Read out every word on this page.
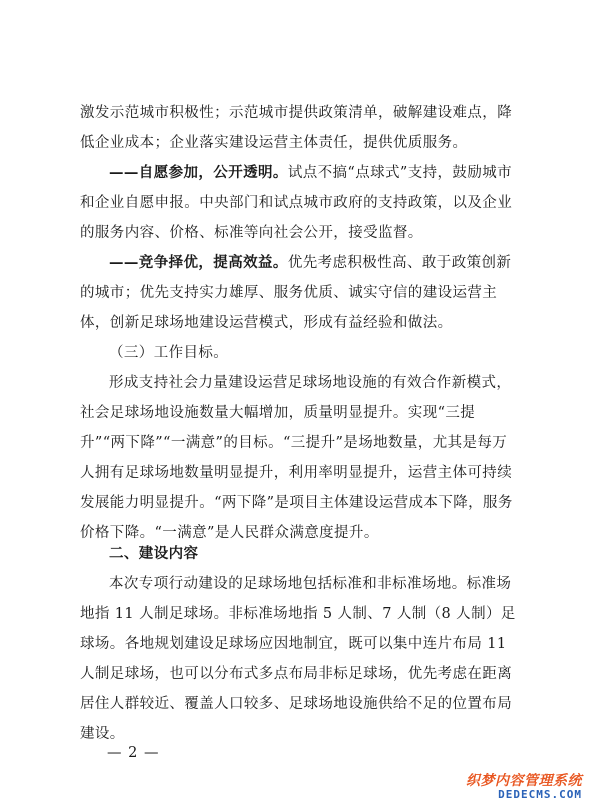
激发示范城市积极性；示范城市提供政策清单，破解建设难点，降低企业成本；企业落实建设运营主体责任，提供优质服务。

——自愿参加，公开透明。试点不搞“点球式”支持，鼓励城市和企业自愿申报。中央部门和试点城市政府的支持政策，以及企业的服务内容、价格、标准等向社会公开，接受监督。

——竞争择优，提高效益。优先考虑积极性高、敢于政策创新的城市；优先支持实力雄厚、服务优质、诚实守信的建设运营主体，创新足球场地建设运营模式，形成有益经验和做法。

（三）工作目标。

形成支持社会力量建设运营足球场地设施的有效合作新模式，社会足球场地设施数量大幅增加，质量明显提升。实现“三提升”“两下降”“一满意”的目标。“三提升”是场地数量，尤其是每万人拥有足球场地数量明显提升，利用率明显提升，运营主体可持续发展能力明显提升。“两下降”是项目主体建设运营成本下降，服务价格下降。“一满意”是人民群众满意度提升。

二、建设内容

本次专项行动建设的足球场地包括标准和非标准场地。标准场地指 11 人制足球场。非标准场地指 5 人制、7 人制（8 人制）足球场。各地规划建设足球场应因地制宜，既可以集中连片布局 11 人制足球场，也可以分布式多点布局非标足球场，优先考虑在距离居住人群较近、覆盖人口较多、足球场地设施供给不足的位置布局建设。

— 2 —
织梦内容管理系统
DEDECMS.COM
